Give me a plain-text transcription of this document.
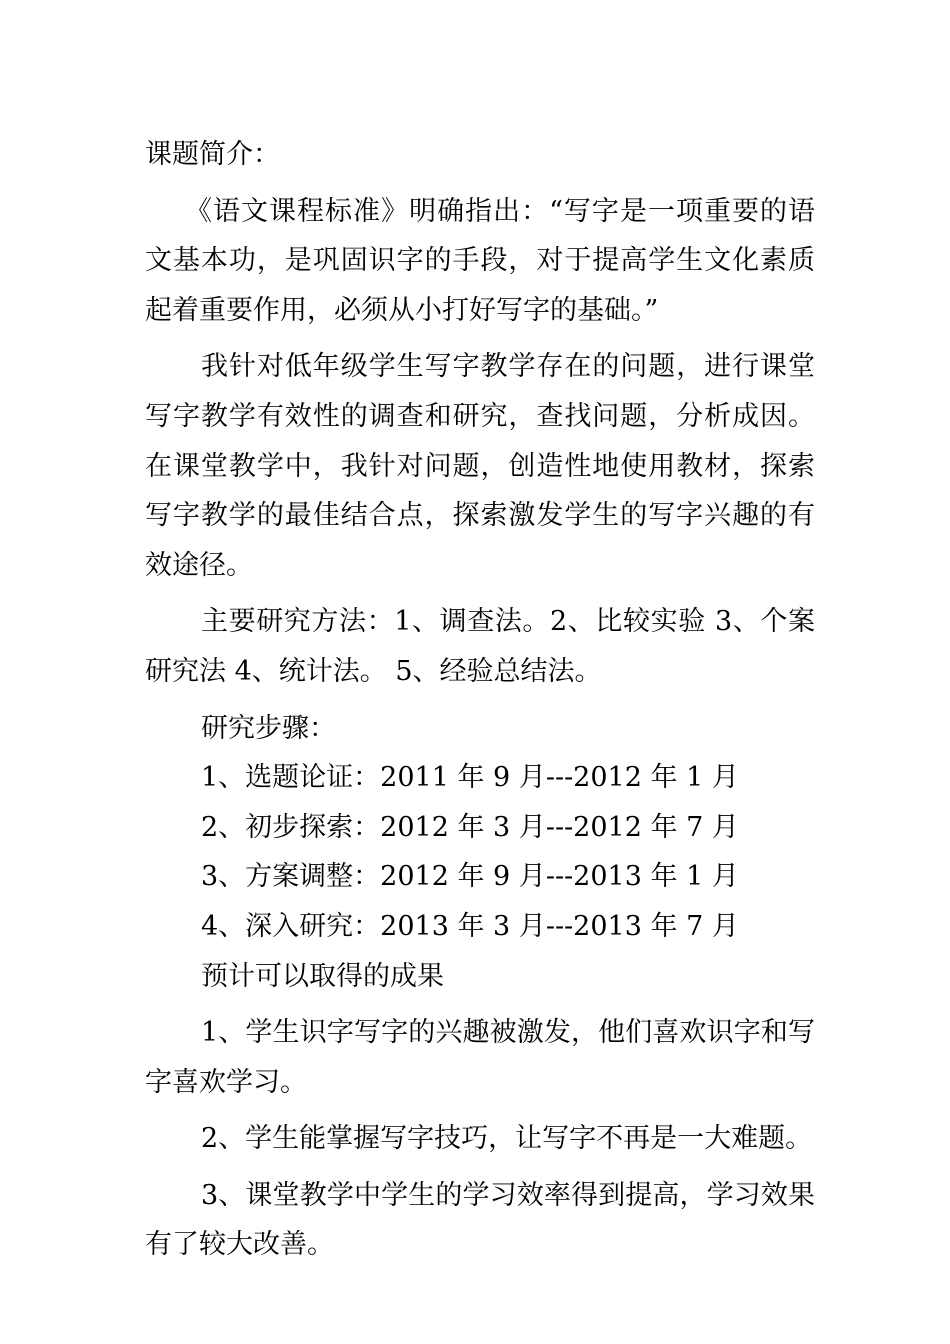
课题简介：

《语文课程标准》明确指出：“写字是一项重要的语文基本功，是巩固识字的手段，对于提高学生文化素质起着重要作用，必须从小打好写字的基础。”

我针对低年级学生写字教学存在的问题，进行课堂写字教学有效性的调查和研究，查找问题，分析成因。在课堂教学中，我针对问题，创造性地使用教材，探索写字教学的最佳结合点，探索激发学生的写字兴趣的有效途径。

主要研究方法：1、调查法。2、比较实验 3、个案研究法 4、统计法。 5、经验总结法。

研究步骤：

1、选题论证：2011 年 9 月---2012 年 1 月

2、初步探索：2012 年 3 月---2012 年 7 月

3、方案调整：2012 年 9 月---2013 年 1 月

4、深入研究：2013 年 3 月---2013 年 7 月

预计可以取得的成果

1、学生识字写字的兴趣被激发，他们喜欢识字和写字喜欢学习。

2、学生能掌握写字技巧，让写字不再是一大难题。

3、课堂教学中学生的学习效率得到提高，学习效果有了较大改善。
